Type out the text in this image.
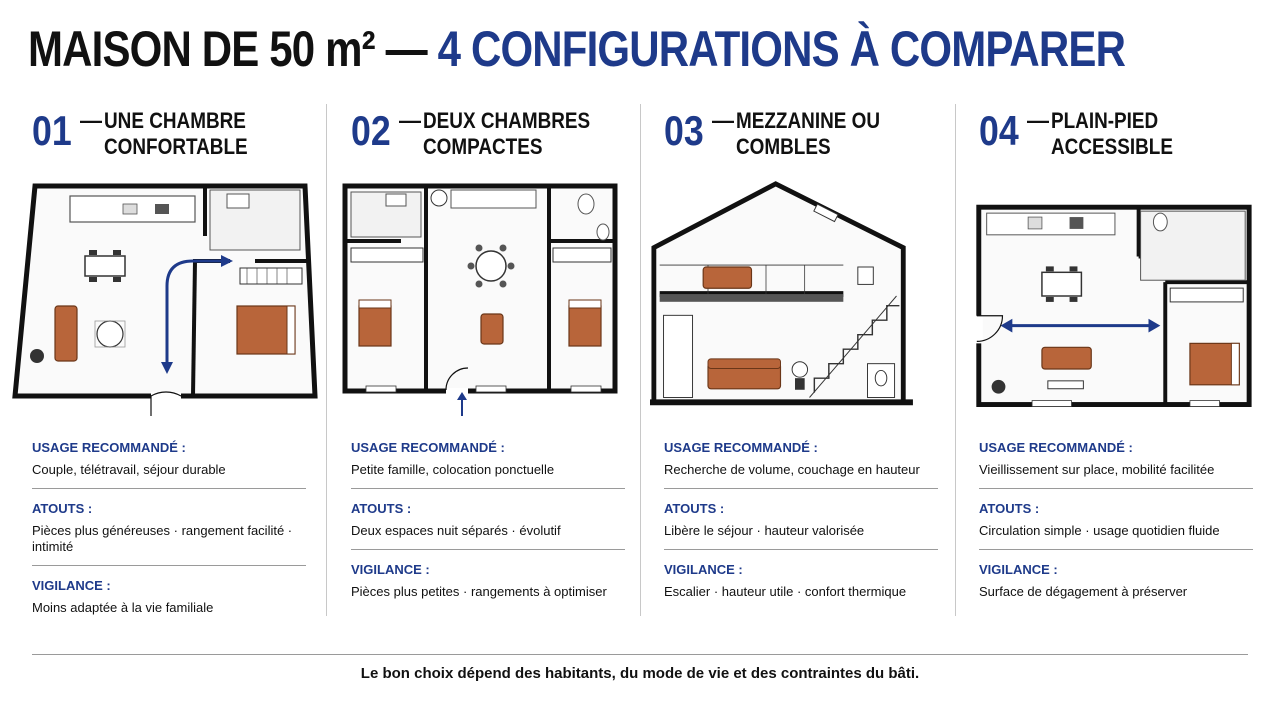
MAISON DE 50 m² — 4 CONFIGURATIONS À COMPARER
01 — UNE CHAMBRE
CONFORTABLE
USAGE RECOMMANDÉ :
Couple, télétravail, séjour durable
ATOUTS :
Pièces plus généreuses · rangement facilité · intimité
VIGILANCE :
Moins adaptée à la vie familiale
02 — DEUX CHAMBRES
COMPACTES
USAGE RECOMMANDÉ :
Petite famille, colocation ponctuelle
ATOUTS :
Deux espaces nuit séparés · évolutif
VIGILANCE :
Pièces plus petites · rangements à optimiser
03 — MEZZANINE OU
COMBLES
USAGE RECOMMANDÉ :
Recherche de volume, couchage en hauteur
ATOUTS :
Libère le séjour · hauteur valorisée
VIGILANCE :
Escalier · hauteur utile · confort thermique
04 — PLAIN-PIED
ACCESSIBLE
USAGE RECOMMANDÉ :
Vieillissement sur place, mobilité facilitée
ATOUTS :
Circulation simple · usage quotidien fluide
VIGILANCE :
Surface de dégagement à préserver
Le bon choix dépend des habitants, du mode de vie et des contraintes du bâti.
